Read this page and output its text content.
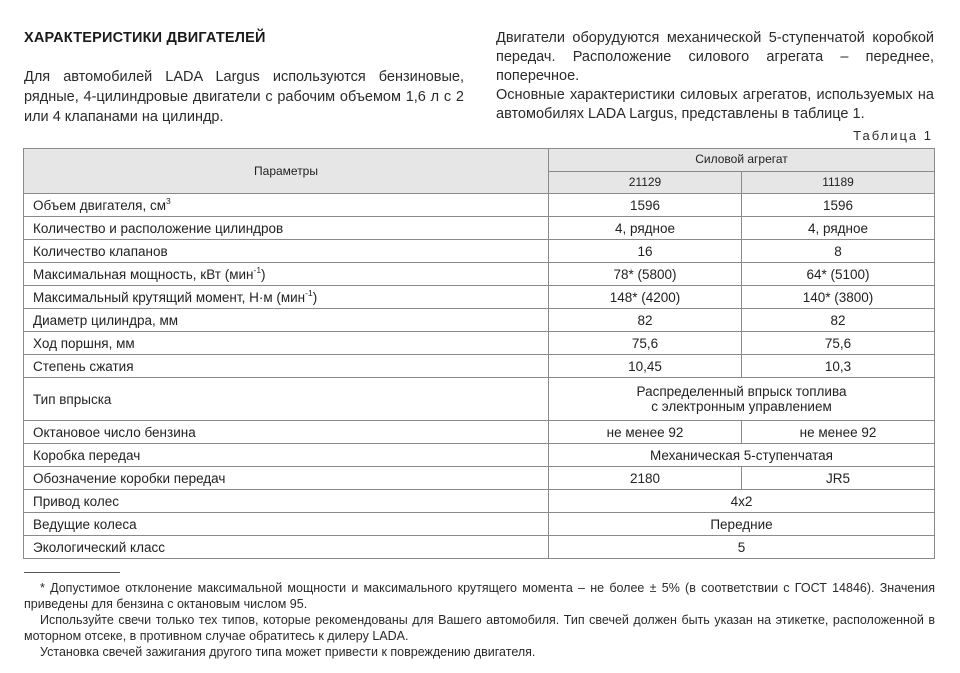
ХАРАКТЕРИСТИКИ ДВИГАТЕЛЕЙ
Для автомобилей LADA Largus используются бензиновые, рядные, 4-цилиндровые двигатели с рабочим объемом 1,6 л с 2 или 4 клапанами на цилиндр.
Двигатели оборудуются механической 5-ступенчатой коробкой передач. Расположение силового агрегата – переднее, поперечное.
Основные характеристики силовых агрегатов, используемых на автомобилях LADA Largus, представлены в таблице 1.
Таблица 1
Параметры	Силовой агрегат	
	21129	11189
Объем двигателя, $см^3$	1596	1596
Количество и расположение цилиндров	4, рядное	4, рядное
Количество клапанов	16	8
Максимальная мощность, кВт (мин$^{-1}$)	78* (5800)	64* (5100)
Максимальный крутящий момент, Н·м (мин$^{-1}$)	148* (4200)	140* (3800)
Диаметр цилиндра, мм	82	82
Ход поршня, мм	75,6	75,6
Степень сжатия	10,45	10,3
Тип впрыска	Распределенный впрыск топлива
с электронным управлением	

Октановое число бензина	не менее 92	не менее 92
Коробка передач	Механическая 5-ступенчатая	
Обозначение коробки передач	2180	JR5
Привод колес	4x2	
Ведущие колеса	Передние	
Экологический класс	5	

* Допустимое отклонение максимальной мощности и максимального крутящего момента – не более ± 5% (в соответствии с ГОСТ 14846). Значения приведены для бензина с октановым числом 95.

Используйте свечи только тех типов, которые рекомендованы для Вашего автомобиля. Тип свечей должен быть указан на этикетке, расположенной в моторном отсеке, в противном случае обратитесь к дилеру LADA.

Установка свечей зажигания другого типа может привести к повреждению двигателя.
